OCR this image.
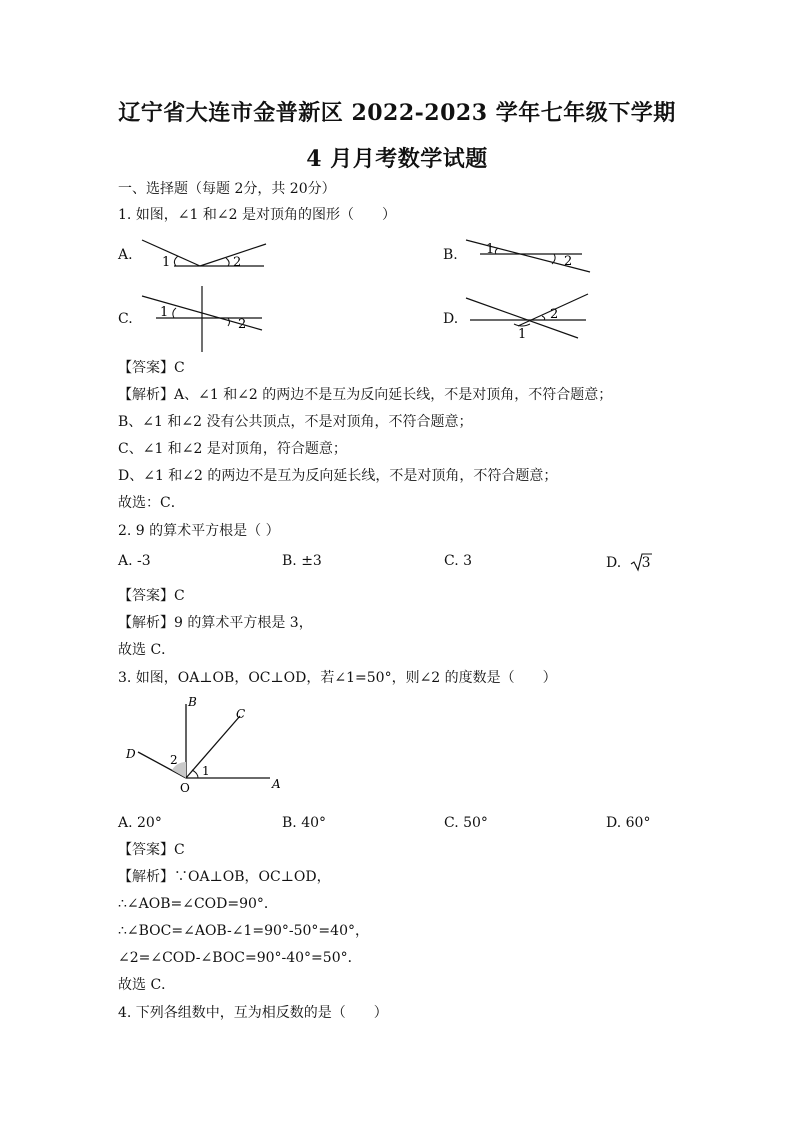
辽宁省大连市金普新区 2022-2023 学年七年级下学期
4 月月考数学试题
一、选择题（每题 2分，共 20分）
1. 如图，∠1 和∠2 是对顶角的图形（　　）
A. 1	2	B. 1
2
C. 1
2	D.
1
2
【答案】C
【解析】A、∠1 和∠2 的两边不是互为反向延长线，不是对顶角，不符合题意；
B、∠1 和∠2 没有公共顶点，不是对顶角，不符合题意；
C、∠1 和∠2 是对顶角，符合题意；
D、∠1 和∠2 的两边不是互为反向延长线，不是对顶角，不符合题意；
故选：C．
2. 9 的算术平方根是（ ）
A. -3	B. ±3	C. 3	D. 3
【答案】C
【解析】9 的算术平方根是 3，
故选 C．
3. 如图，OA⊥OB，OC⊥OD，若∠1=50°，则∠2 的度数是（　　）
B
C
D
A
O
1
2
A. 20°	B. 40°	C. 50°	D. 60°
【答案】C
【解析】∵OA⊥OB，OC⊥OD，
∴∠AOB=∠COD=90°．
∴∠BOC=∠AOB-∠1=90°-50°=40°，
∠2=∠COD-∠BOC=90°-40°=50°．
故选 C．
4. 下列各组数中，互为相反数的是（　　）
